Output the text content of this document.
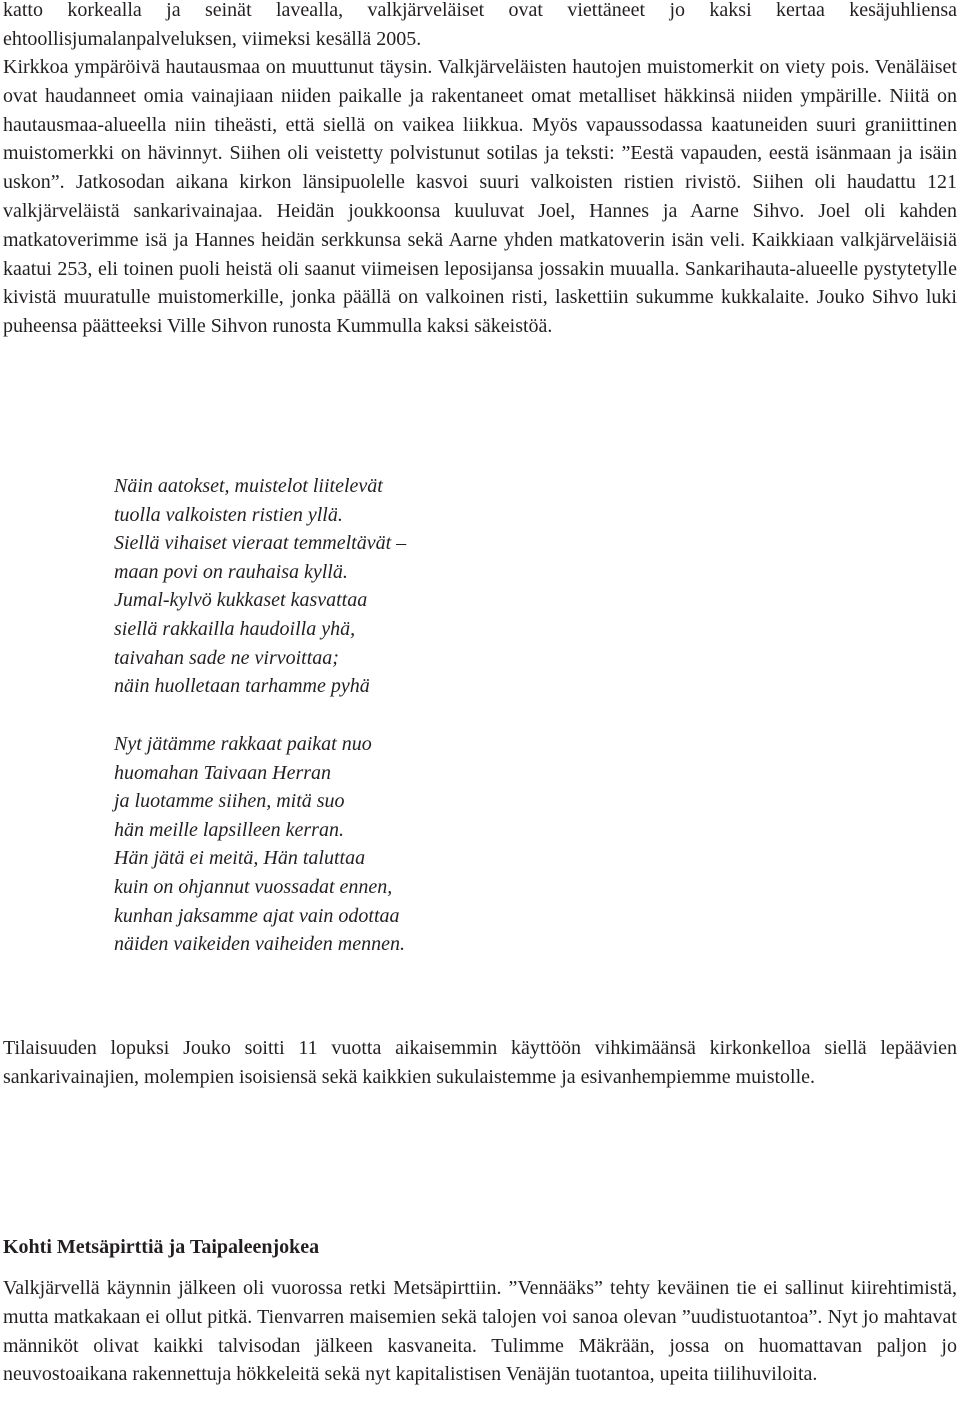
katto korkealla ja seinät lavealla, valkjärveläiset ovat viettäneet jo kaksi kertaa kesäjuhliensa ehtoollisjumalanpalveluksen, viimeksi kesällä 2005.

Kirkkoa ympäröivä hautausmaa on muuttunut täysin. Valkjärveläisten hautojen muistomerkit on viety pois. Venäläiset ovat haudanneet omia vainajiaan niiden paikalle ja rakentaneet omat metalliset häkkinsä niiden ympärille. Niitä on hautausmaa-alueella niin tiheästi, että siellä on vaikea liikkua. Myös vapaussodassa kaatuneiden suuri graniittinen muistomerkki on hävinnyt. Siihen oli veistetty polvistunut sotilas ja teksti: ”Eestä vapauden, eestä isänmaan ja isäin uskon”. Jatkosodan aikana kirkon länsipuolelle kasvoi suuri valkoisten ristien rivistö. Siihen oli haudattu 121 valkjärveläistä sankarivainajaa. Heidän joukkoonsa kuuluvat Joel, Hannes ja Aarne Sihvo. Joel oli kahden matkatoverimme isä ja Hannes heidän serkkunsa sekä Aarne yhden matkatoverin isän veli. Kaikkiaan valkjärveläisiä kaatui 253, eli toinen puoli heistä oli saanut viimeisen leposijansa jossakin muualla. Sankarihauta-alueelle pystytetylle kivistä muuratulle muistomerkille, jonka päällä on valkoinen risti, laskettiin sukumme kukkalaite. Jouko Sihvo luki puheensa päätteeksi Ville Sihvon runosta Kummulla kaksi säkeistöä.

Näin aatokset, muistelot liitelevät
tuolla valkoisten ristien yllä.
Siellä vihaiset vieraat temmeltävät –
maan povi on rauhaisa kyllä.
Jumal-kylvö kukkaset kasvattaa
siellä rakkailla haudoilla yhä,
taivahan sade ne virvoittaa;
näin huolletaan tarhamme pyhä
Nyt jätämme rakkaat paikat nuo
huomahan Taivaan Herran
ja luotamme siihen, mitä suo
hän meille lapsilleen kerran.
Hän jätä ei meitä, Hän taluttaa
kuin on ohjannut vuossadat ennen,
kunhan jaksamme ajat vain odottaa
näiden vaikeiden vaiheiden mennen.

Tilaisuuden lopuksi Jouko soitti 11 vuotta aikaisemmin käyttöön vihkimäänsä kirkonkelloa siellä lepäävien sankarivainajien, molempien isoisiensä sekä kaikkien sukulaistemme ja esivanhempiemme muistolle.

Kohti Metsäpirttiä ja Taipaleenjokea

Valkjärvellä käynnin jälkeen oli vuorossa retki Metsäpirttiin. ”Vennääks” tehty keväinen tie ei sallinut kiirehtimistä, mutta matkakaan ei ollut pitkä. Tienvarren maisemien sekä talojen voi sanoa olevan ”uudistuotantoa”. Nyt jo mahtavat männiköt olivat kaikki talvisodan jälkeen kasvaneita. Tulimme Mäkrään, jossa on huomattavan paljon jo neuvostoaikana rakennettuja hökkeleitä sekä nyt kapitalistisen Venäjän tuotantoa, upeita tiilihuviloita.
